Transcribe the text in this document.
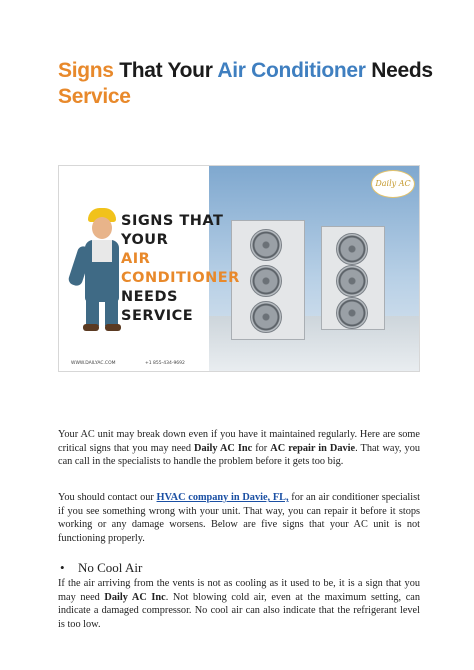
Signs That Your Air Conditioner Needs
Service
SIGNS THAT
YOUR
AIR
CONDITIONER
NEEDS
SERVICE
WWW.DAILYAC.COM	+1 855-434-9692
Daily AC

Your AC unit may break down even if you have it maintained regularly. Here are some critical signs that you may need Daily AC Inc for AC repair in Davie. That way, you can call in the specialists to handle the problem before it gets too big.

You should contact our HVAC company in Davie, FL, for an air conditioner specialist if you see something wrong with your unit. That way, you can repair it before it stops working or any damage worsens. Below are five signs that your AC unit is not functioning properly.

• No Cool Air

If the air arriving from the vents is not as cooling as it used to be, it is a sign that you may need Daily AC Inc. Not blowing cold air, even at the maximum setting, can indicate a damaged compressor. No cool air can also indicate that the refrigerant level is too low.
